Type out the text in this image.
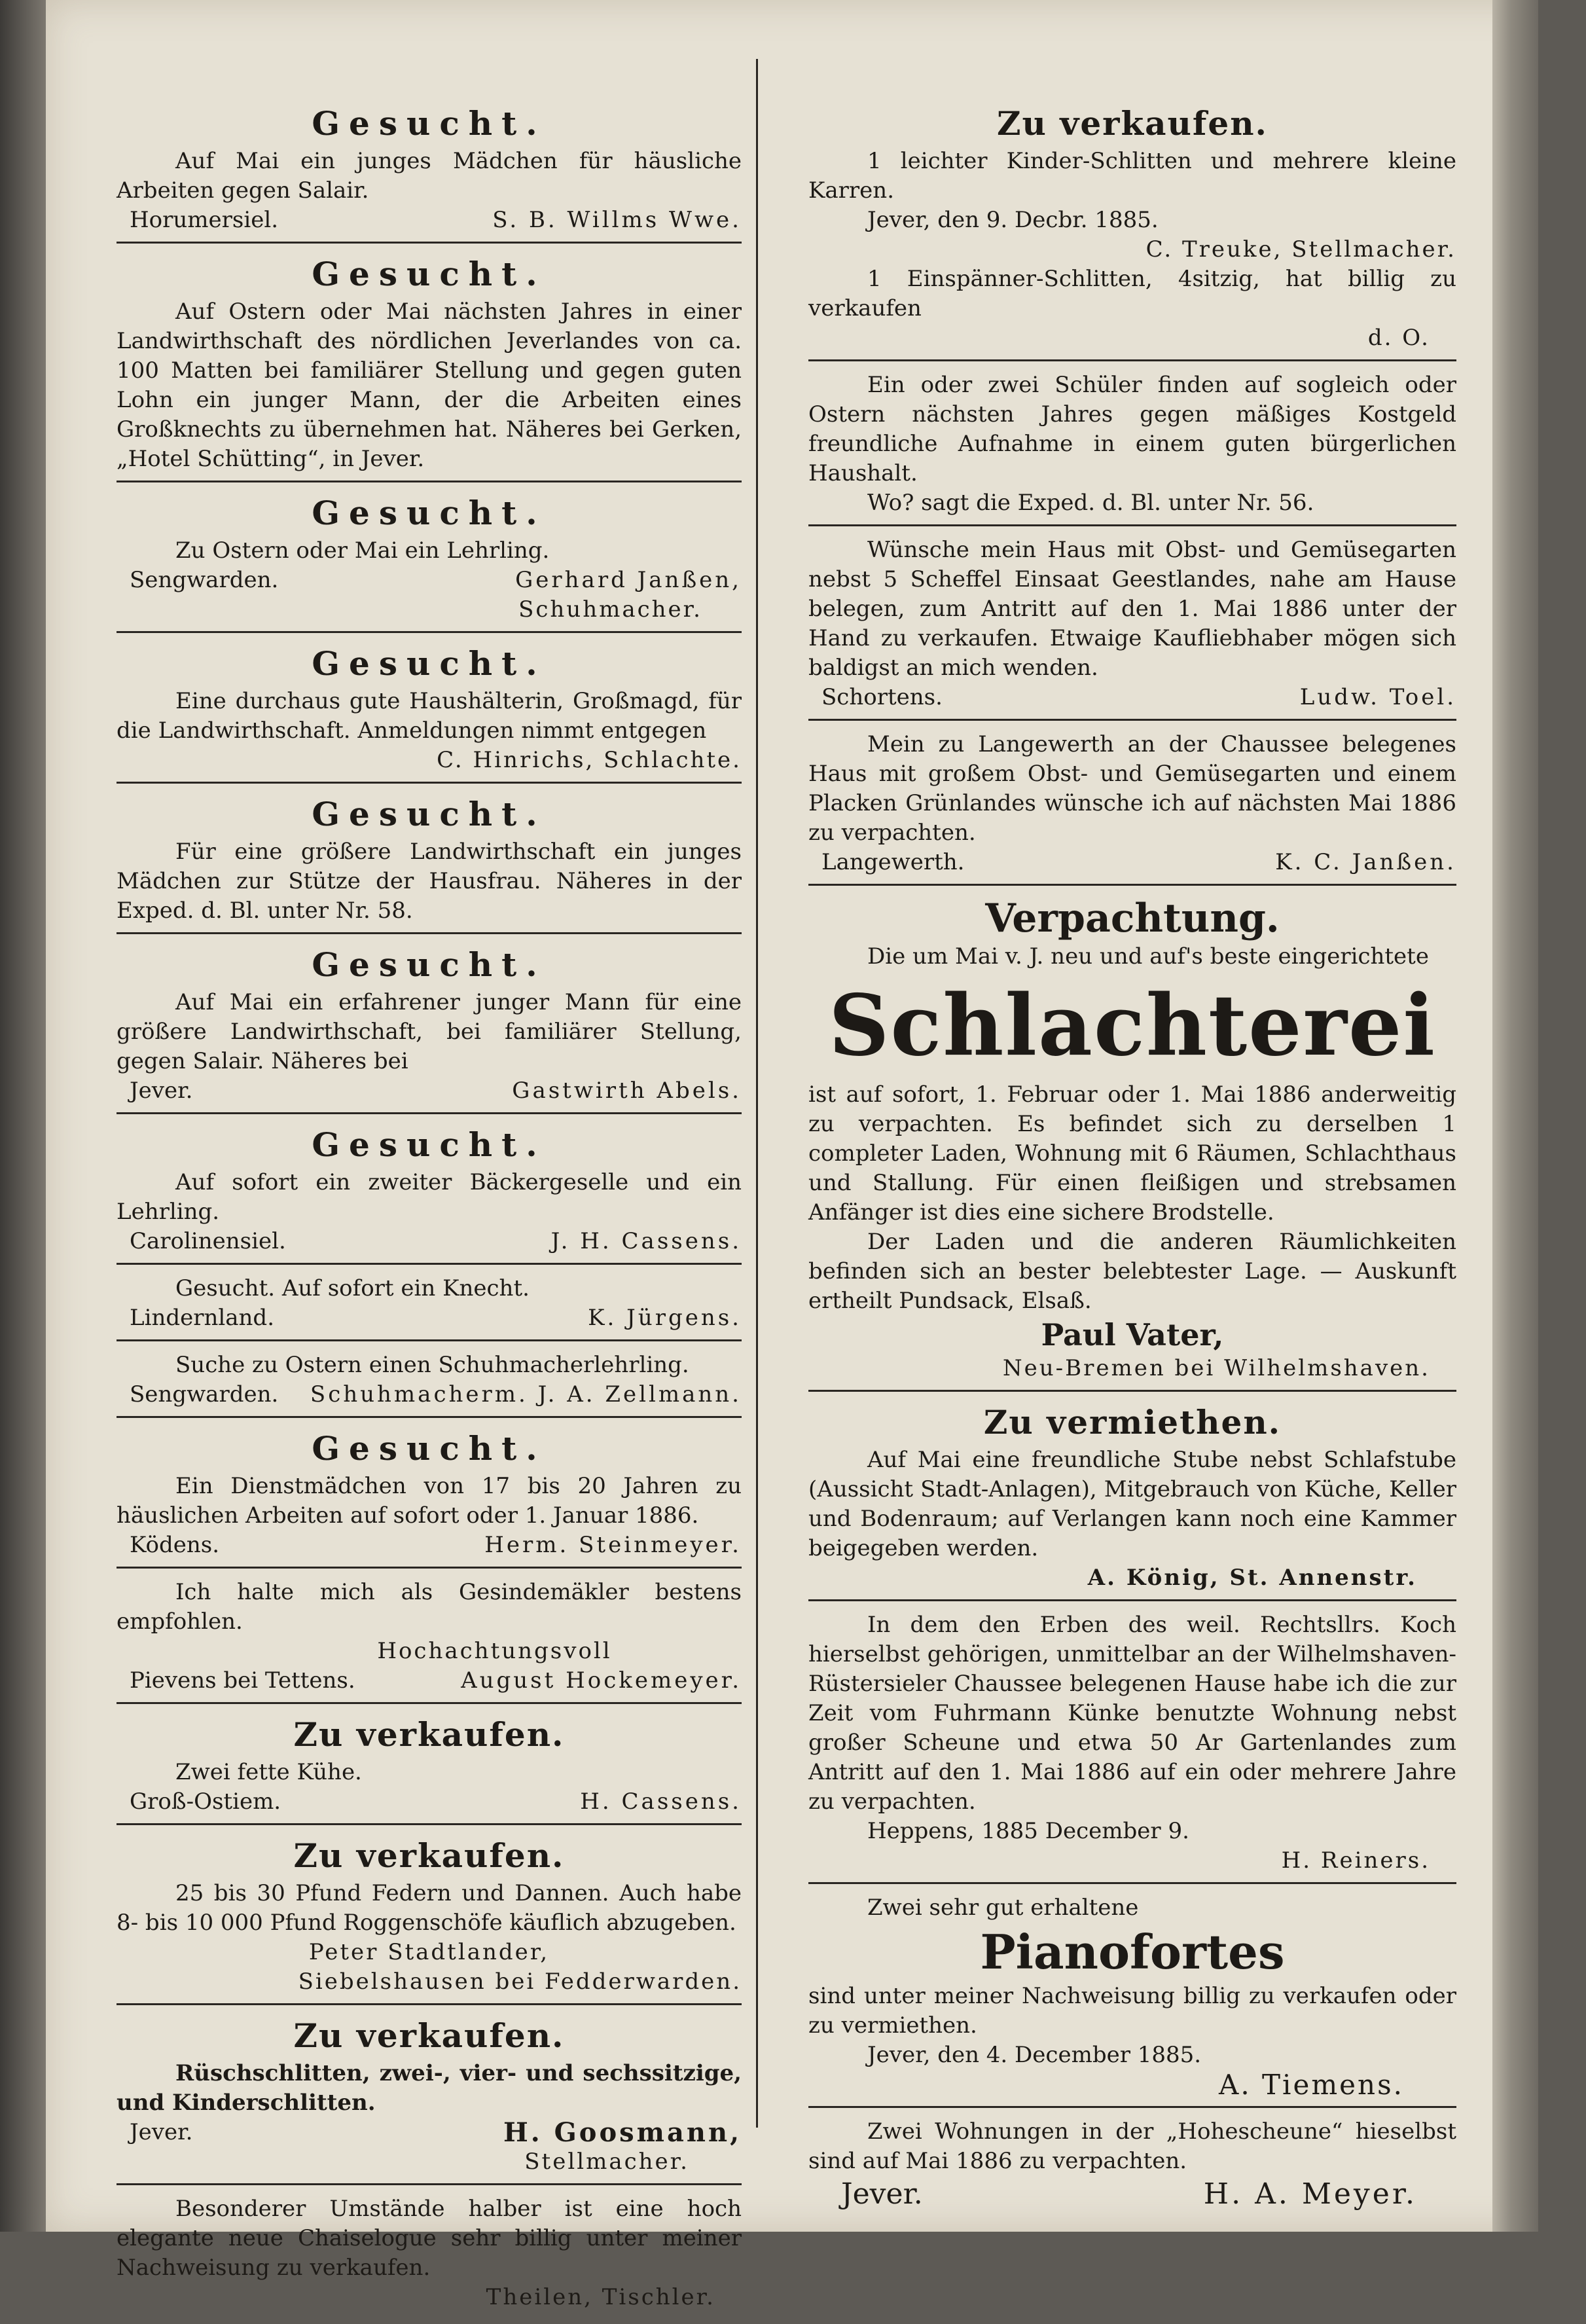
Gesucht.

Auf Mai ein junges Mädchen für häusliche Arbeiten gegen Salair.

Horumersiel.	S. B. Willms Wwe.
Gesucht.

Auf Ostern oder Mai nächsten Jahres in einer Landwirthschaft des nördlichen Jeverlandes von ca. 100 Matten bei familiärer Stellung und gegen guten Lohn ein junger Mann, der die Arbeiten eines Großknechts zu übernehmen hat. Näheres bei Gerken, „Hotel Schütting“, in Jever.

Gesucht.

Zu Ostern oder Mai ein Lehrling.

Sengwarden.	Gerhard Janßen,
Schuhmacher.
Gesucht.

Eine durchaus gute Haushälterin, Großmagd, für die Landwirthschaft. Anmeldungen nimmt entgegen

C. Hinrichs, Schlachte.
Gesucht.

Für eine größere Landwirthschaft ein junges Mädchen zur Stütze der Hausfrau. Näheres in der Exped. d. Bl. unter Nr. 58.

Gesucht.

Auf Mai ein erfahrener junger Mann für eine größere Landwirthschaft, bei familiärer Stellung, gegen Salair. Näheres bei

Jever.	Gastwirth Abels.
Gesucht.

Auf sofort ein zweiter Bäckergeselle und ein Lehrling.

Carolinensiel.	J. H. Cassens.

Gesucht. Auf sofort ein Knecht.

Lindernland.	K. Jürgens.

Suche zu Ostern einen Schuhmacherlehrling.

Sengwarden. Schuhmacherm. J. A. Zellmann.
Gesucht.

Ein Dienstmädchen von 17 bis 20 Jahren zu häuslichen Arbeiten auf sofort oder 1. Januar 1886.

Ködens.	Herm. Steinmeyer.

Ich halte mich als Gesindemäkler bestens empfohlen.

Hochachtungsvoll
Pievens bei Tettens.	August Hockemeyer.
Zu verkaufen.

Zwei fette Kühe.

Groß-Ostiem.	H. Cassens.
Zu verkaufen.

25 bis 30 Pfund Federn und Dannen. Auch habe 8- bis 10 000 Pfund Roggenschöfe käuflich abzugeben.

Peter Stadtlander,
Siebelshausen bei Fedderwarden.
Zu verkaufen.

Rüschschlitten, zwei-, vier- und sechssitzige, und Kinderschlitten.

Jever.	H. Goosmann,
Stellmacher.

Besonderer Umstände halber ist eine hoch elegante neue Chaiselogue sehr billig unter meiner Nachweisung zu verkaufen.

Theilen, Tischler.
Zu verkaufen.

1 leichter Kinder-Schlitten und mehrere kleine Karren.

Jever, den 9. Decbr. 1885.

C. Treuke, Stellmacher.

1 Einspänner-Schlitten, 4sitzig, hat billig zu verkaufen

d. O.

Ein oder zwei Schüler finden auf sogleich oder Ostern nächsten Jahres gegen mäßiges Kostgeld freundliche Aufnahme in einem guten bürgerlichen Haushalt.

Wo? sagt die Exped. d. Bl. unter Nr. 56.

Wünsche mein Haus mit Obst- und Gemüsegarten nebst 5 Scheffel Einsaat Geestlandes, nahe am Hause belegen, zum Antritt auf den 1. Mai 1886 unter der Hand zu verkaufen. Etwaige Kaufliebhaber mögen sich baldigst an mich wenden.

Schortens.	Ludw. Toel.

Mein zu Langewerth an der Chaussee belegenes Haus mit großem Obst- und Gemüsegarten und einem Placken Grünlandes wünsche ich auf nächsten Mai 1886 zu verpachten.

Langewerth.	K. C. Janßen.
Verpachtung.

Die um Mai v. J. neu und auf's beste eingerichtete

Schlachterei

ist auf sofort, 1. Februar oder 1. Mai 1886 anderweitig zu verpachten. Es befindet sich zu derselben 1 completer Laden, Wohnung mit 6 Räumen, Schlachthaus und Stallung. Für einen fleißigen und strebsamen Anfänger ist dies eine sichere Brodstelle.

Der Laden und die anderen Räumlichkeiten befinden sich an bester belebtester Lage. — Auskunft ertheilt Pundsack, Elsaß.

Paul Vater,
Neu-Bremen bei Wilhelmshaven.
Zu vermiethen.

Auf Mai eine freundliche Stube nebst Schlafstube (Aussicht Stadt-Anlagen), Mitgebrauch von Küche, Keller und Bodenraum; auf Verlangen kann noch eine Kammer beigegeben werden.

A. König, St. Annenstr.

In dem den Erben des weil. Rechtsllrs. Koch hierselbst gehörigen, unmittelbar an der Wilhelmshaven-Rüstersieler Chaussee belegenen Hause habe ich die zur Zeit vom Fuhrmann Künke benutzte Wohnung nebst großer Scheune und etwa 50 Ar Gartenlandes zum Antritt auf den 1. Mai 1886 auf ein oder mehrere Jahre zu verpachten.

Heppens, 1885 December 9.

H. Reiners.

Zwei sehr gut erhaltene

Pianofortes

sind unter meiner Nachweisung billig zu verkaufen oder zu vermiethen.

Jever, den 4. December 1885.

A. Tiemens.

Zwei Wohnungen in der „Hohescheune“ hieselbst sind auf Mai 1886 zu verpachten.

Jever.	H. A. Meyer.
